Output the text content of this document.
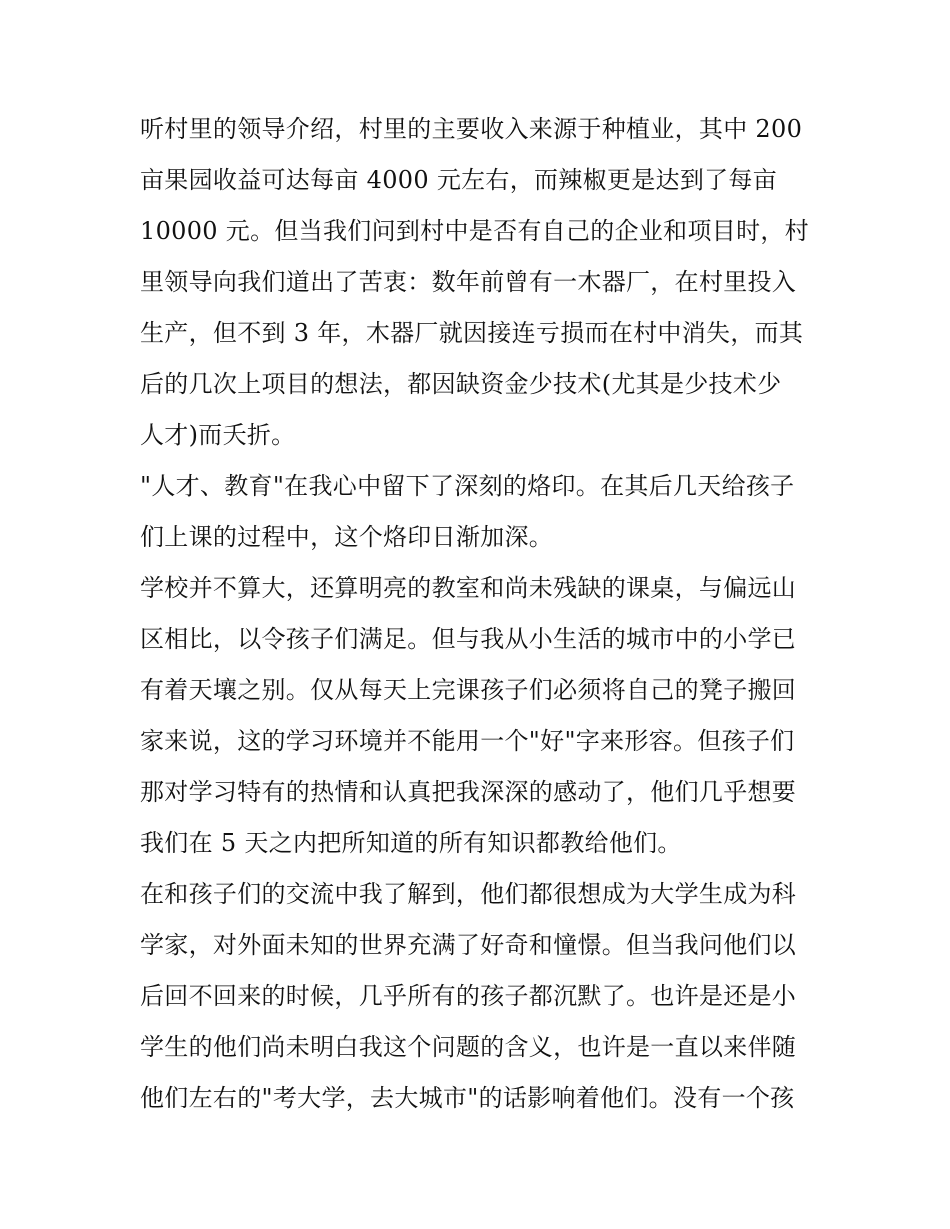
听村里的领导介绍，村里的主要收入来源于种植业，其中 200
亩果园收益可达每亩 4000 元左右，而辣椒更是达到了每亩
10000 元。但当我们问到村中是否有自己的企业和项目时，村
里领导向我们道出了苦衷：数年前曾有一木器厂，在村里投入
生产，但不到 3 年，木器厂就因接连亏损而在村中消失，而其
后的几次上项目的想法，都因缺资金少技术(尤其是少技术少
人才)而夭折。
"人才、教育"在我心中留下了深刻的烙印。在其后几天给孩子
们上课的过程中，这个烙印日渐加深。
学校并不算大，还算明亮的教室和尚未残缺的课桌，与偏远山
区相比，以令孩子们满足。但与我从小生活的城市中的小学已
有着天壤之别。仅从每天上完课孩子们必须将自己的凳子搬回
家来说，这的学习环境并不能用一个"好"字来形容。但孩子们
那对学习特有的热情和认真把我深深的感动了，他们几乎想要
我们在 5 天之内把所知道的所有知识都教给他们。
在和孩子们的交流中我了解到，他们都很想成为大学生成为科
学家，对外面未知的世界充满了好奇和憧憬。但当我问他们以
后回不回来的时候，几乎所有的孩子都沉默了。也许是还是小
学生的他们尚未明白我这个问题的含义，也许是一直以来伴随
他们左右的"考大学，去大城市"的话影响着他们。没有一个孩
